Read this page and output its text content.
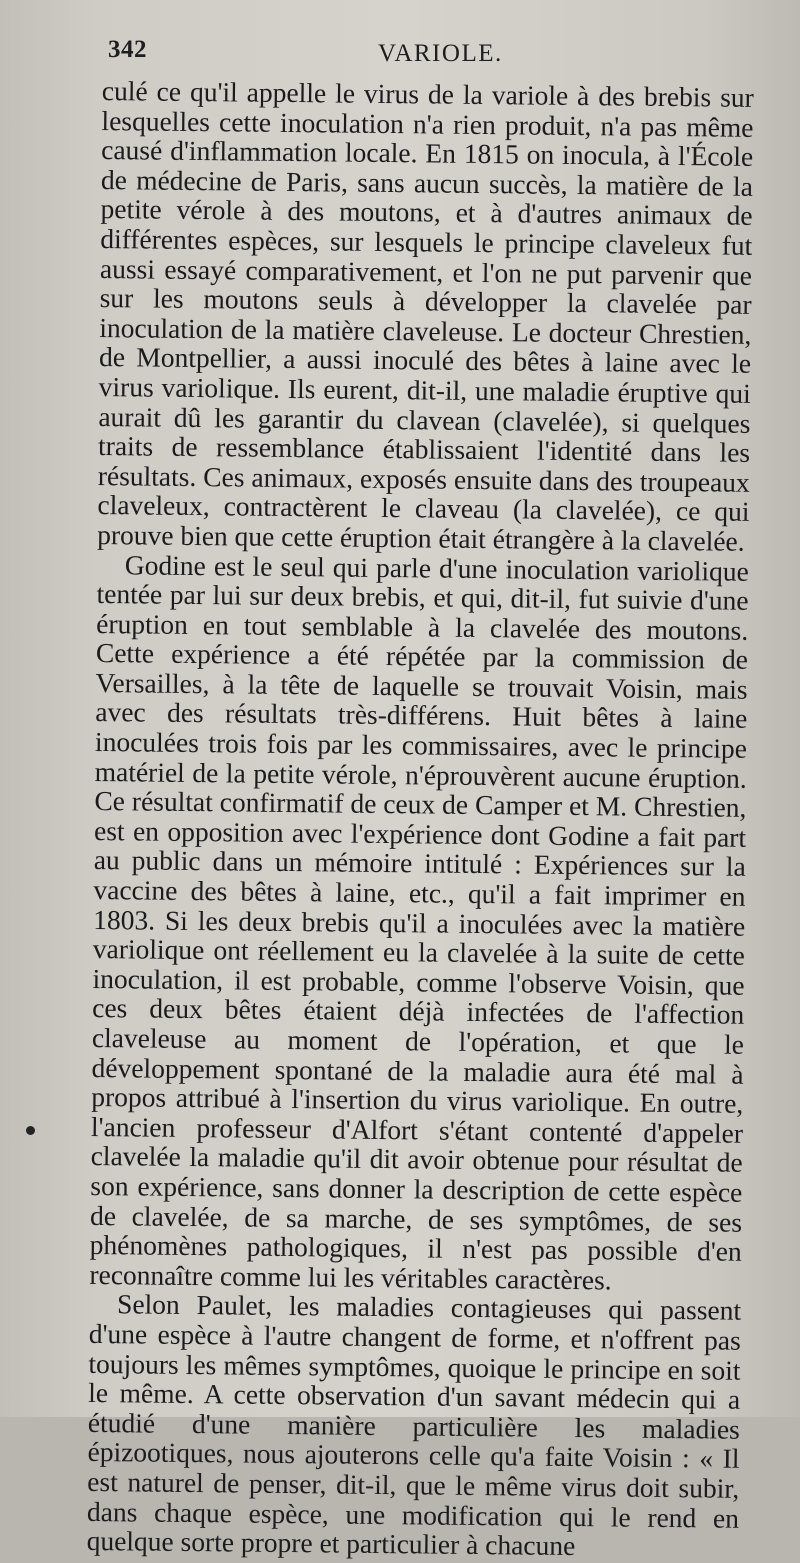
342	VARIOLE.

culé ce qu'il appelle le virus de la variole à des brebis sur lesquelles cette inoculation n'a rien produit, n'a pas même causé d'inflammation locale. En 1815 on inocula, à l'École de médecine de Paris, sans aucun succès, la matière de la petite vérole à des moutons, et à d'autres animaux de différentes espèces, sur lesquels le principe claveleux fut aussi essayé comparativement, et l'on ne put parvenir que sur les moutons seuls à développer la clavelée par inoculation de la matière claveleuse. Le docteur Chrestien, de Montpellier, a aussi inoculé des bêtes à laine avec le virus variolique. Ils eurent, dit-il, une maladie éruptive qui aurait dû les garantir du clavean (clavelée), si quelques traits de ressemblance établissaient l'identité dans les résultats. Ces animaux, exposés ensuite dans des troupeaux claveleux, contractèrent le claveau (la clavelée), ce qui prouve bien que cette éruption était étrangère à la clavelée.

Godine est le seul qui parle d'une inoculation variolique tentée par lui sur deux brebis, et qui, dit-il, fut suivie d'une éruption en tout semblable à la clavelée des moutons. Cette expérience a été répétée par la commission de Versailles, à la tête de laquelle se trouvait Voisin, mais avec des résultats très-différens. Huit bêtes à laine inoculées trois fois par les commissaires, avec le principe matériel de la petite vérole, n'éprouvèrent aucune éruption. Ce résultat confirmatif de ceux de Camper et M. Chrestien, est en opposition avec l'expérience dont Godine a fait part au public dans un mémoire intitulé : Expériences sur la vaccine des bêtes à laine, etc., qu'il a fait imprimer en 1803. Si les deux brebis qu'il a inoculées avec la matière variolique ont réellement eu la clavelée à la suite de cette inoculation, il est probable, comme l'observe Voisin, que ces deux bêtes étaient déjà infectées de l'affection claveleuse au moment de l'opération, et que le développement spontané de la maladie aura été mal à propos attribué à l'insertion du virus variolique. En outre, l'ancien professeur d'Alfort s'étant contenté d'appeler clavelée la maladie qu'il dit avoir obtenue pour résultat de son expérience, sans donner la description de cette espèce de clavelée, de sa marche, de ses symptômes, de ses phénomènes pathologiques, il n'est pas possible d'en reconnaître comme lui les véritables caractères.

Selon Paulet, les maladies contagieuses qui passent d'une espèce à l'autre changent de forme, et n'offrent pas toujours les mêmes symptômes, quoique le principe en soit le même. A cette observation d'un savant médecin qui a étudié d'une manière particulière les maladies épizootiques, nous ajouterons celle qu'a faite Voisin : « Il est naturel de penser, dit-il, que le même virus doit subir, dans chaque espèce, une modification qui le rend en quelque sorte propre et particulier à chacune
